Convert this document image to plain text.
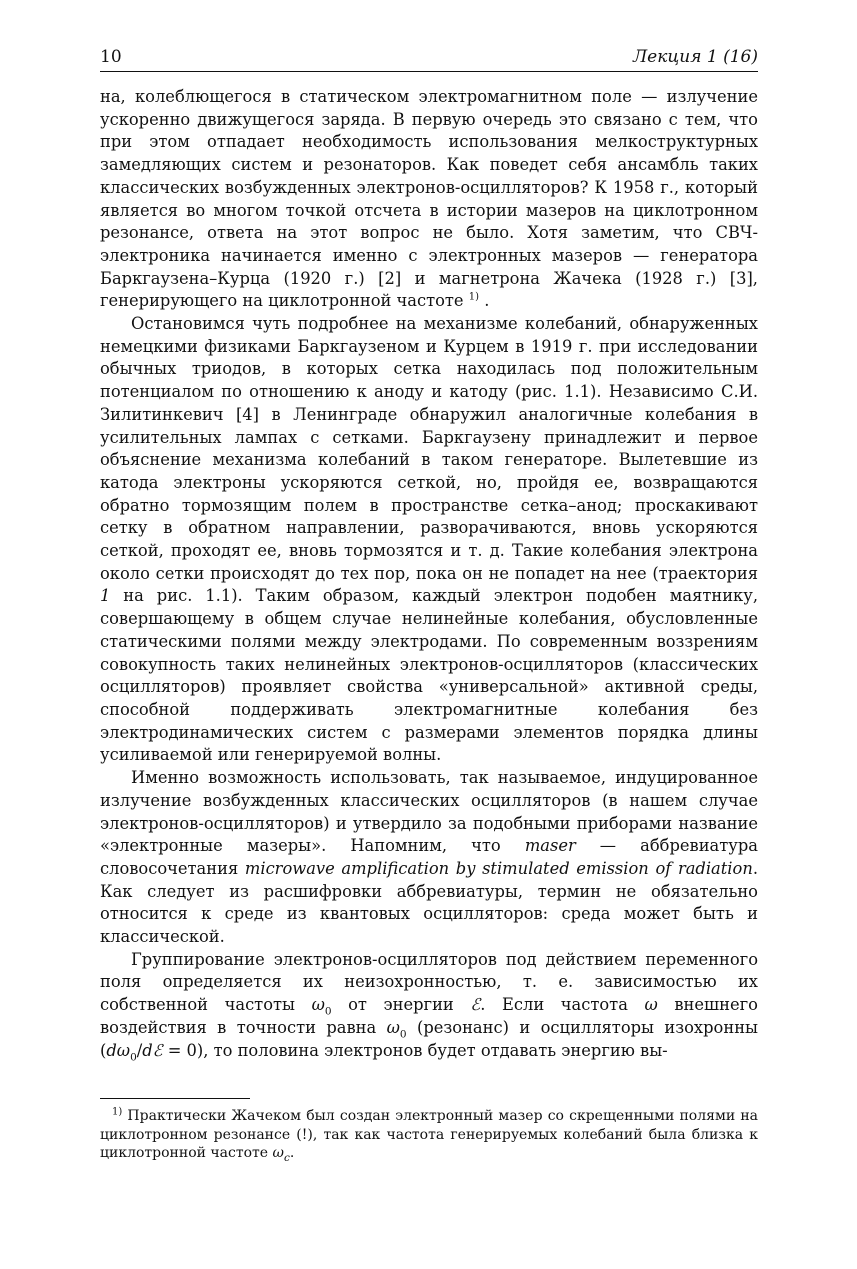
10	Лекция 1 (16)

на, колеблющегося в статическом электромагнитном поле — излучение ускоренно движущегося заряда. В первую очередь это связано с тем, что при этом отпадает необходимость использования мелкоструктурных замедляющих систем и резонаторов. Как поведет себя ансамбль таких классических возбужденных электронов-осцилляторов? К 1958 г., который является во многом точкой отсчета в истории мазеров на циклотронном резонансе, ответа на этот вопрос не было. Хотя заметим, что СВЧ-электроника начинается именно с электронных мазеров — генератора Баркгаузена–Курца (1920 г.) [2] и магнетрона Жачека (1928 г.) [3], генерирующего на циклотронной частоте $^{1)}$ .

Остановимся чуть подробнее на механизме колебаний, обнаруженных немецкими физиками Баркгаузеном и Курцем в 1919 г. при исследовании обычных триодов, в которых сетка находилась под положительным потенциалом по отношению к аноду и катоду (рис. 1.1). Независимо С.И. Зилитинкевич [4] в Ленинграде обнаружил аналогичные колебания в усилительных лампах с сетками. Баркгаузену принадлежит и первое объяснение механизма колебаний в таком генераторе. Вылетевшие из катода электроны ускоряются сеткой, но, пройдя ее, возвращаются обратно тормозящим полем в пространстве сетка–анод; проскакивают сетку в обратном направлении, разворачиваются, вновь ускоряются сеткой, проходят ее, вновь тормозятся и т. д. Такие колебания электрона около сетки происходят до тех пор, пока он не попадет на нее (траектория 1 на рис. 1.1). Таким образом, каждый электрон подобен маятнику, совершающему в общем случае нелинейные колебания, обусловленные статическими полями между электродами. По современным воззрениям совокупность таких нелинейных электронов-осцилляторов (классических осцилляторов) проявляет свойства «универсальной» активной среды, способной поддерживать электромагнитные колебания без электродинамических систем с размерами элементов порядка длины усиливаемой или генерируемой волны.

Именно возможность использовать, так называемое, индуцированное излучение возбужденных классических осцилляторов (в нашем случае электронов-осцилляторов) и утвердило за подобными приборами название «электронные мазеры». Напомним, что maser — аббревиатура словосочетания microwave amplification by stimulated emission of radiation. Как следует из расшифровки аббревиатуры, термин не обязательно относится к среде из квантовых осцилляторов: среда может быть и классической.

Группирование электронов-осцилляторов под действием переменного поля определяется их неизохронностью, т. е. зависимостью их собственной частоты $\omega_0$ от энергии ℰ. Если частота ω внешнего воздействия в точности равна $\omega_0$ (резонанс) и осцилляторы изохронны $(d\omega_0/dℰ = 0)$, то половина электронов будет отдавать энергию вы-

$^{1)}$ Практически Жачеком был создан электронный мазер со скрещенными полями на циклотронном резонансе (!), так как частота генерируемых колебаний была близка к циклотронной частоте $\omega_c$.
